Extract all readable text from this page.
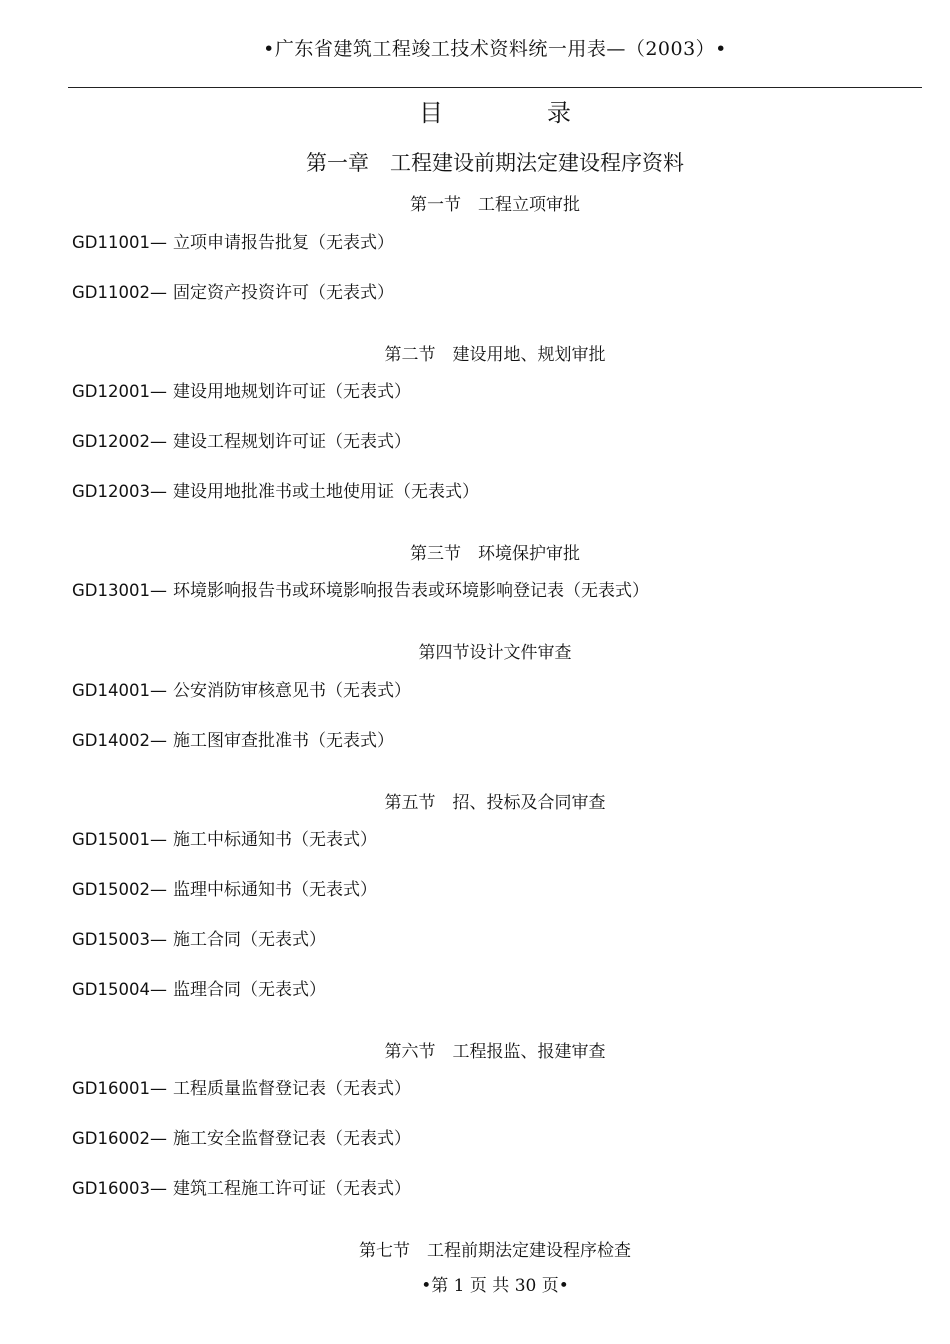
•广东省建筑工程竣工技术资料统一用表—（2003）•
目　录
第一章　工程建设前期法定建设程序资料
第一节　工程立项审批
GD11001— 立项申请报告批复（无表式）
GD11002— 固定资产投资许可（无表式）
第二节　建设用地、规划审批
GD12001— 建设用地规划许可证（无表式）
GD12002— 建设工程规划许可证（无表式）
GD12003— 建设用地批准书或土地使用证（无表式）
第三节　环境保护审批
GD13001— 环境影响报告书或环境影响报告表或环境影响登记表（无表式）
第四节设计文件审查
GD14001— 公安消防审核意见书（无表式）
GD14002— 施工图审查批准书（无表式）
第五节　招、投标及合同审查
GD15001— 施工中标通知书（无表式）
GD15002— 监理中标通知书（无表式）
GD15003— 施工合同（无表式）
GD15004— 监理合同（无表式）
第六节　工程报监、报建审查
GD16001— 工程质量监督登记表（无表式）
GD16002— 施工安全监督登记表（无表式）
GD16003— 建筑工程施工许可证（无表式）
第七节　工程前期法定建设程序检查
•第 1 页 共 30 页•
